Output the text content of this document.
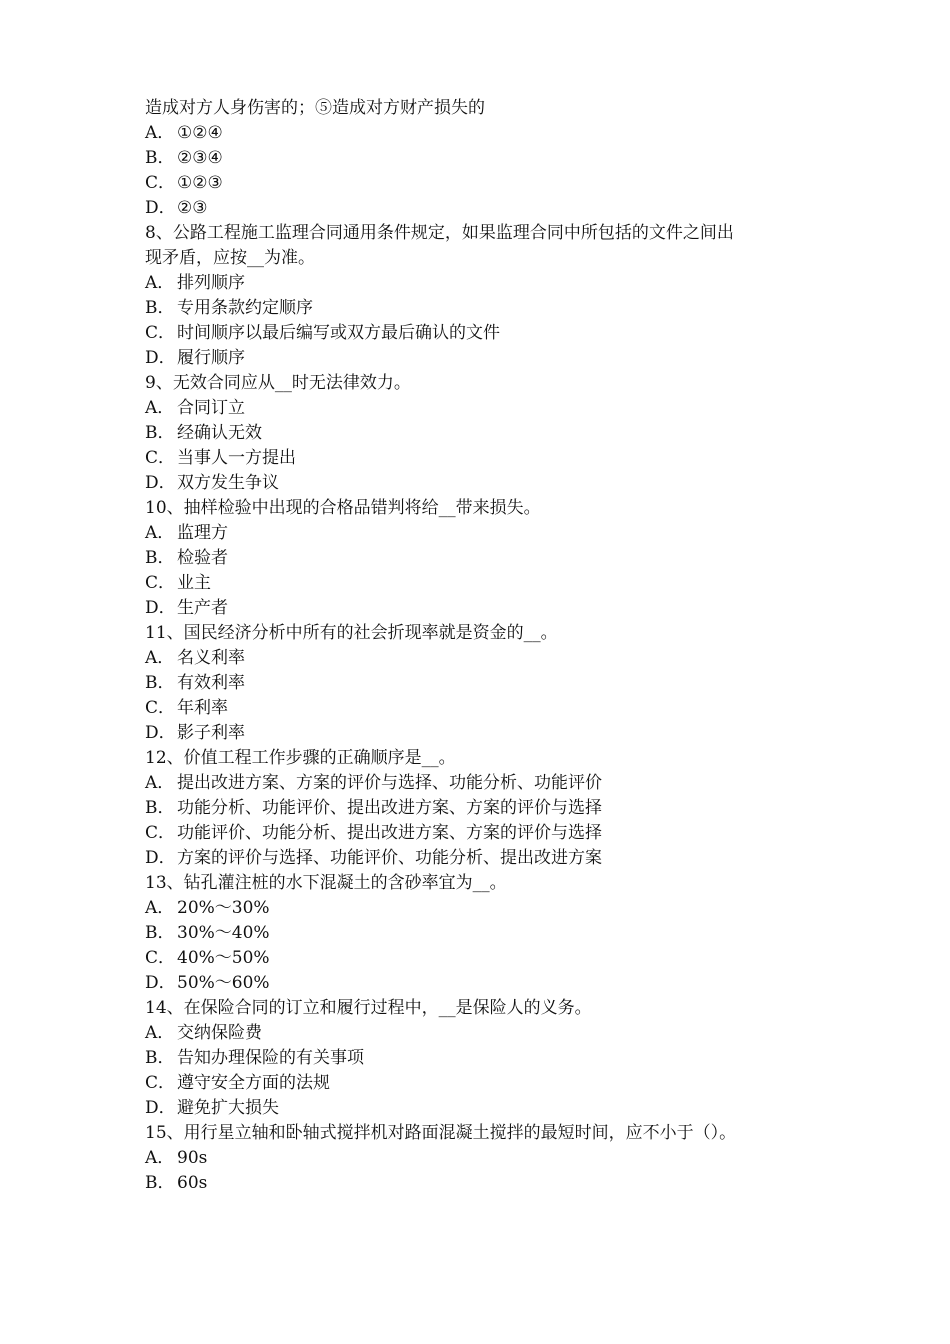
造成对方人身伤害的；⑤造成对方财产损失的
A． ①②④
B． ②③④
C． ①②③
D．②③
8、公路工程施工监理合同通用条件规定，如果监理合同中所包括的文件之间出
现矛盾，应按__为准。
A． 排列顺序
B． 专用条款约定顺序
C． 时间顺序以最后编写或双方最后确认的文件
D．履行顺序
9、无效合同应从__时无法律效力。
A． 合同订立
B． 经确认无效
C． 当事人一方提出
D．双方发生争议
10、抽样检验中出现的合格品错判将给__带来损失。
A． 监理方
B． 检验者
C． 业主
D．生产者
11、国民经济分析中所有的社会折现率就是资金的__。
A． 名义利率
B． 有效利率
C． 年利率
D．影子利率
12、价值工程工作步骤的正确顺序是__。
A． 提出改进方案、方案的评价与选择、功能分析、功能评价
B． 功能分析、功能评价、提出改进方案、方案的评价与选择
C． 功能评价、功能分析、提出改进方案、方案的评价与选择
D．方案的评价与选择、功能评价、功能分析、提出改进方案
13、钻孔灌注桩的水下混凝土的含砂率宜为__。
A． 20%～30%
B． 30%～40%
C． 40%～50%
D．50%～60%
14、在保险合同的订立和履行过程中，__是保险人的义务。
A． 交纳保险费
B． 告知办理保险的有关事项
C． 遵守安全方面的法规
D．避免扩大损失
15、用行星立轴和卧轴式搅拌机对路面混凝土搅拌的最短时间，应不小于（）。
A． 90s
B． 60s
